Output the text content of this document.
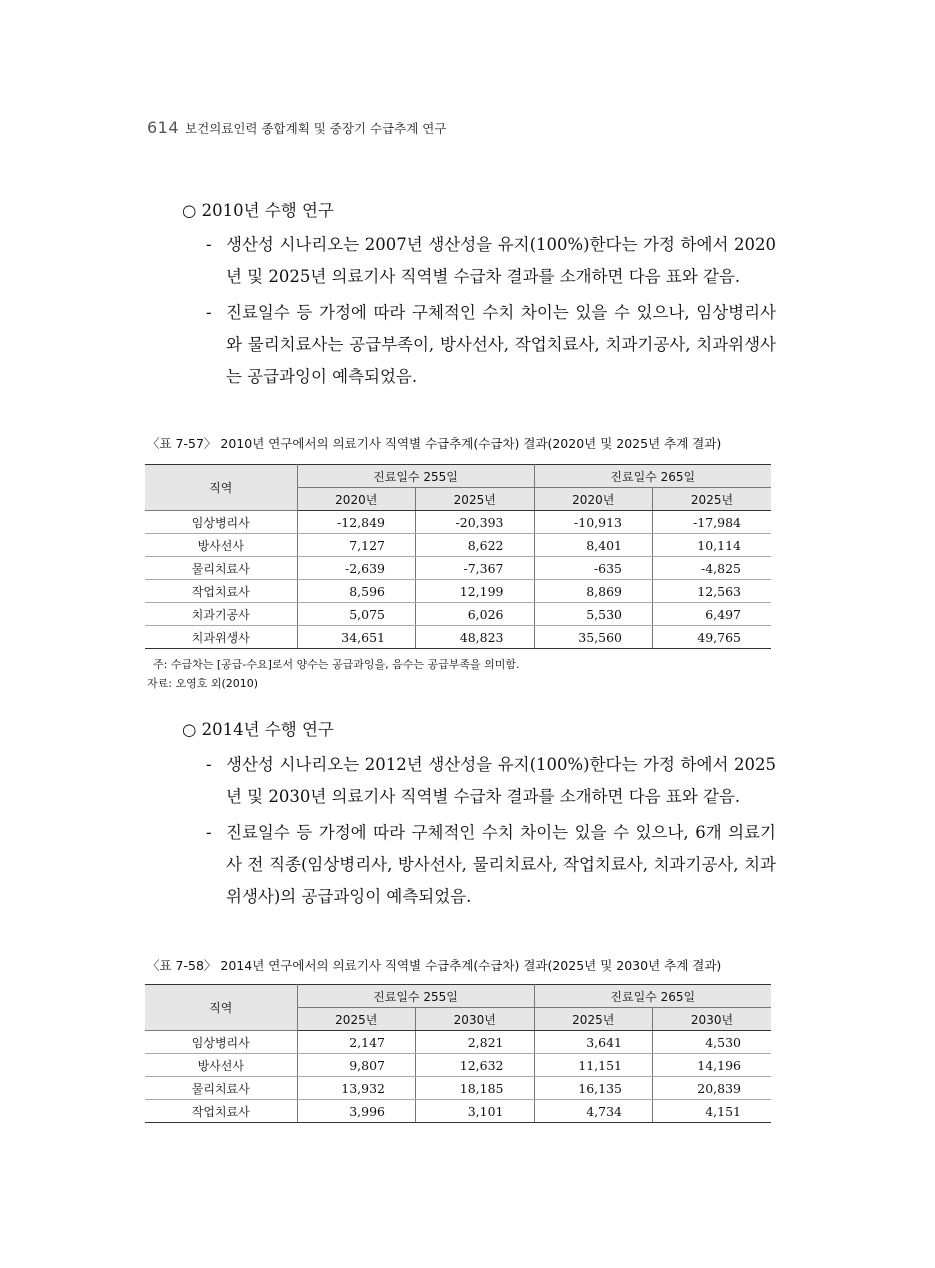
614 보건의료인력 종합계획 및 중장기 수급추계 연구
○ 2010년 수행 연구
- 생산성 시나리오는 2007년 생산성을 유지(100%)한다는 가정 하에서 2020년 및 2025년 의료기사 직역별 수급차 결과를 소개하면 다음 표와 같음.
- 진료일수 등 가정에 따라 구체적인 수치 차이는 있을 수 있으나, 임상병리사와 물리치료사는 공급부족이, 방사선사, 작업치료사, 치과기공사, 치과위생사는 공급과잉이 예측되었음.
〈표 7-57〉 2010년 연구에서의 의료기사 직역별 수급추계(수급차) 결과(2020년 및 2025년 추계 결과)
직역	진료일수 255일		진료일수 265일	
	2020년	2025년	2020년	2025년
임상병리사	-12,849	-20,393	-10,913	-17,984
방사선사	7,127	8,622	8,401	10,114
물리치료사	-2,639	-7,367	-635	-4,825
작업치료사	8,596	12,199	8,869	12,563
치과기공사	5,075	6,026	5,530	6,497
치과위생사	34,651	48,823	35,560	49,765
주: 수급차는 [공급-수요]로서 양수는 공급과잉을, 음수는 공급부족을 의미함.
자료: 오영호 외(2010)
○ 2014년 수행 연구
- 생산성 시나리오는 2012년 생산성을 유지(100%)한다는 가정 하에서 2025년 및 2030년 의료기사 직역별 수급차 결과를 소개하면 다음 표와 같음.
- 진료일수 등 가정에 따라 구체적인 수치 차이는 있을 수 있으나, 6개 의료기사 전 직종(임상병리사, 방사선사, 물리치료사, 작업치료사, 치과기공사, 치과위생사)의 공급과잉이 예측되었음.
〈표 7-58〉 2014년 연구에서의 의료기사 직역별 수급추계(수급차) 결과(2025년 및 2030년 추계 결과)
직역	진료일수 255일		진료일수 265일	
	2025년	2030년	2025년	2030년
임상병리사	2,147	2,821	3,641	4,530
방사선사	9,807	12,632	11,151	14,196
물리치료사	13,932	18,185	16,135	20,839
작업치료사	3,996	3,101	4,734	4,151
